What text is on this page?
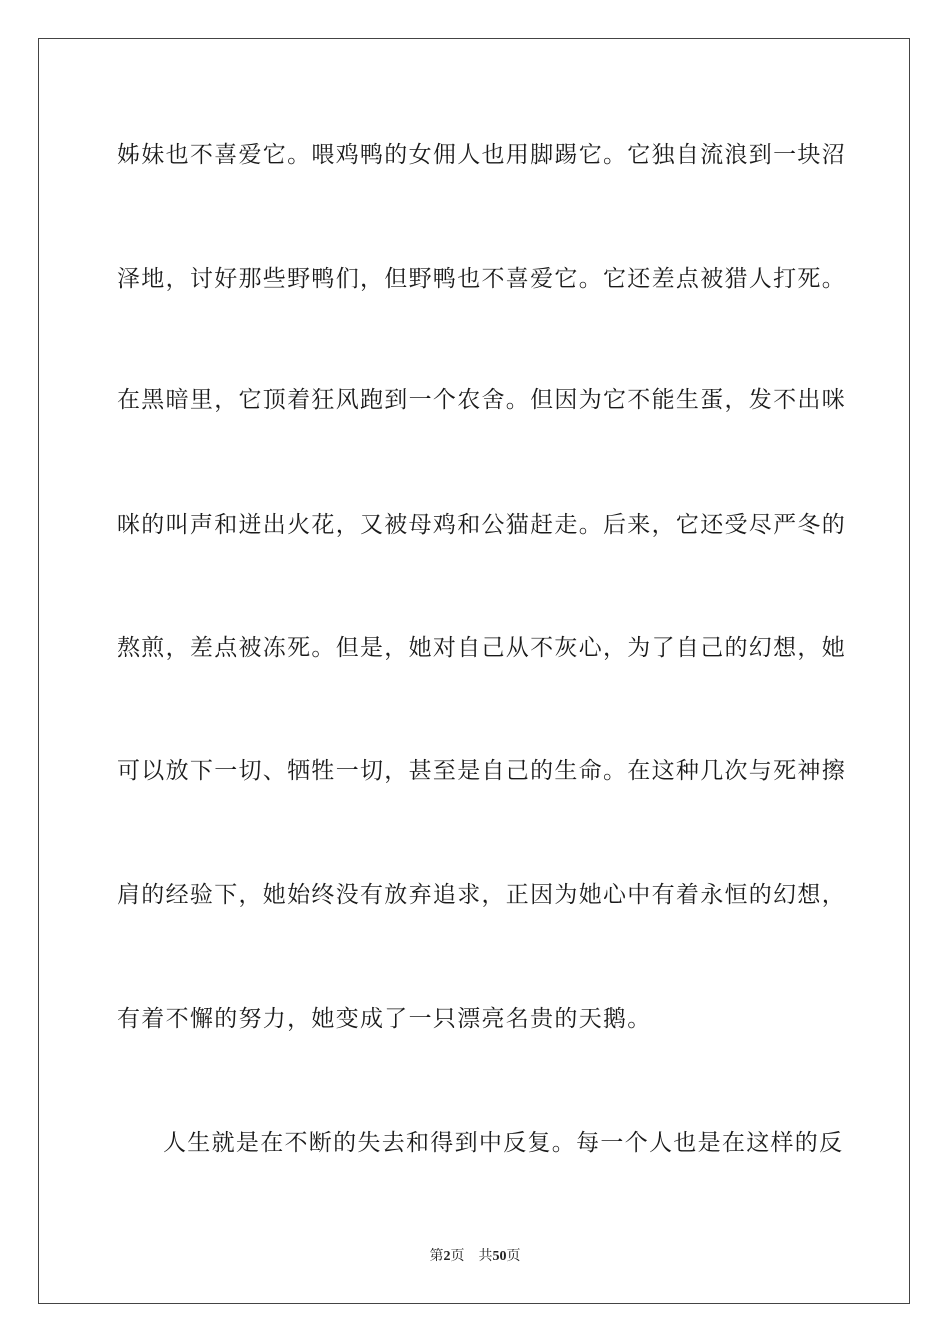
姊妹也不喜爱它。喂鸡鸭的女佣人也用脚踢它。它独自流浪到一块沼
泽地，讨好那些野鸭们，但野鸭也不喜爱它。它还差点被猎人打死。
在黑暗里，它顶着狂风跑到一个农舍。但因为它不能生蛋，发不出咪
咪的叫声和迸出火花，又被母鸡和公猫赶走。后来，它还受尽严冬的
熬煎，差点被冻死。但是，她对自己从不灰心，为了自己的幻想，她
可以放下一切、牺牲一切，甚至是自己的生命。在这种几次与死神擦
肩的经验下，她始终没有放弃追求，正因为她心中有着永恒的幻想，
有着不懈的努力，她变成了一只漂亮名贵的天鹅。
人生就是在不断的失去和得到中反复。每一个人也是在这样的反
第2页 共50页
